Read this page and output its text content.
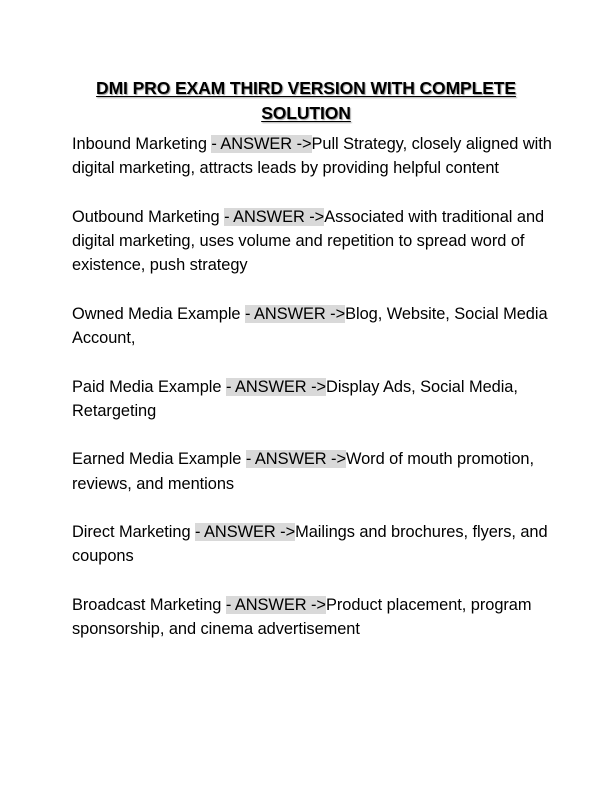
DMI PRO EXAM THIRD VERSION WITH COMPLETE SOLUTION

Inbound Marketing - ANSWER ->Pull Strategy, closely aligned with digital marketing, attracts leads by providing helpful content

Outbound Marketing - ANSWER ->Associated with traditional and digital marketing, uses volume and repetition to spread word of existence, push strategy

Owned Media Example - ANSWER ->Blog, Website, Social Media Account,

Paid Media Example - ANSWER ->Display Ads, Social Media, Retargeting

Earned Media Example - ANSWER ->Word of mouth promotion, reviews, and mentions

Direct Marketing - ANSWER ->Mailings and brochures, flyers, and coupons

Broadcast Marketing - ANSWER ->Product placement, program sponsorship, and cinema advertisement
